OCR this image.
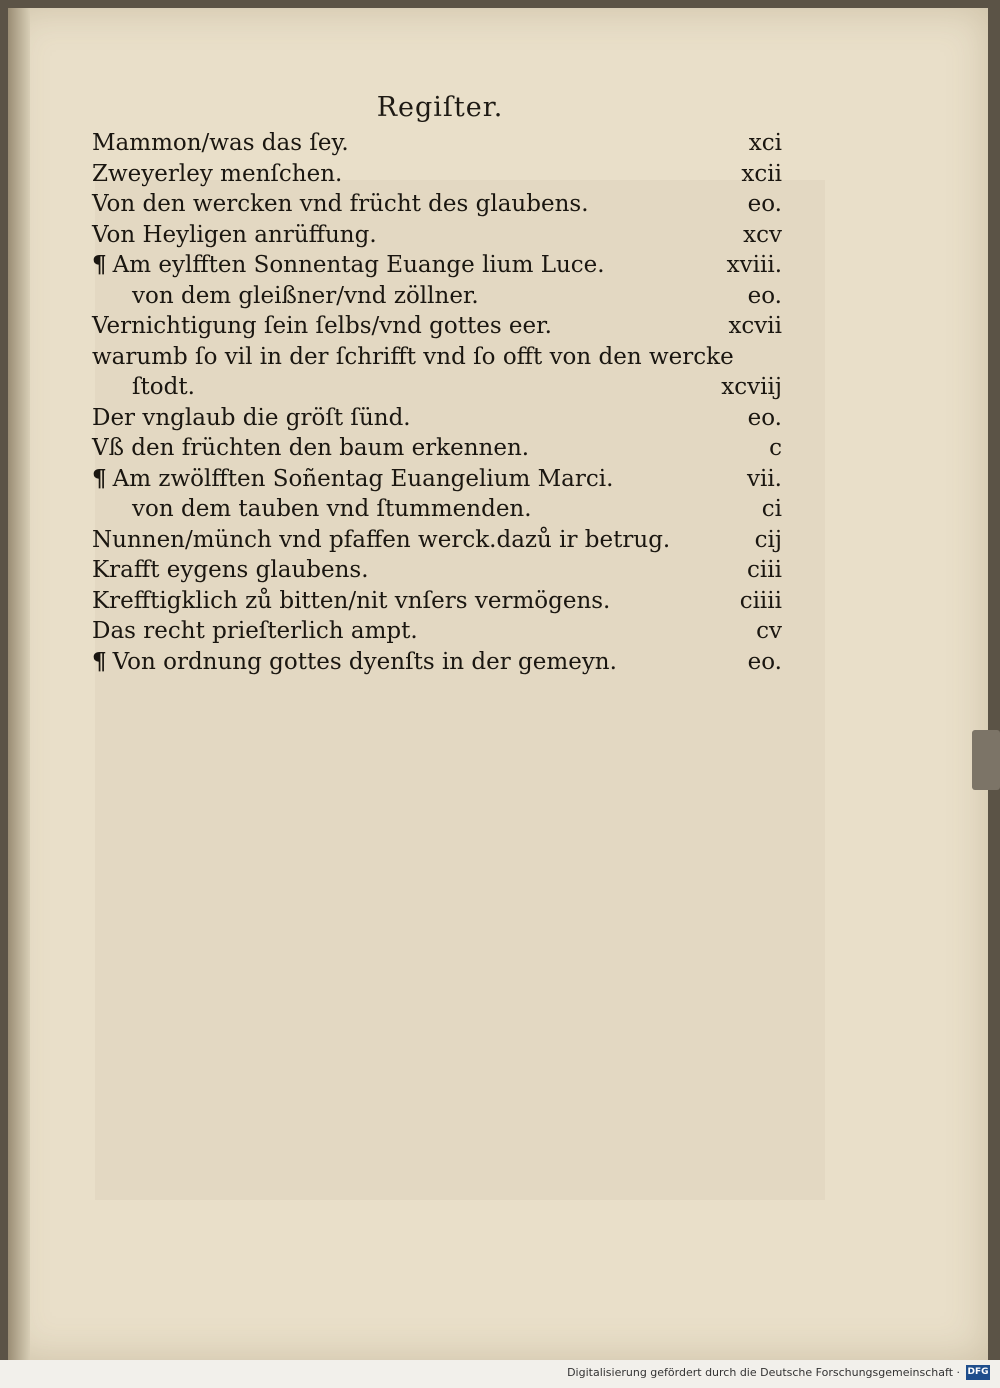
Regiſter.
Mammon/was das ſey.	xci
Zweyerley menſchen.	xcii
Von den wercken vnd frücht des glaubens.	eo.
Von Heyligen anrüffung.	xcv
¶ Am eylfften Sonnentag Euange lium Luce.	xviii.
von dem gleißner/vnd zöllner.	eo.
Vernichtigung ſein ſelbs/vnd gottes eer.	xcvii
warumb ſo vil in der ſchrifft vnd ſo offt von den wercke
ſtodt.	xcviij
Der vnglaub die gröſt ſünd.	eo.
Vß den früchten den baum erkennen.	c
¶ Am zwölfften Soñentag Euangelium Marci.	vii.
von dem tauben vnd ſtummenden.	ci
Nunnen/münch vnd pfaffen werck.dazů ir betrug.	cij
Krafft eygens glaubens.	ciii
Krefftigklich zů bitten/nit vnſers vermögens.	ciiii
Das recht prieſterlich ampt.	cv
¶ Von ordnung gottes dyenſts in der gemeyn.	eo.
Digitalisierung gefördert durch die Deutsche Forschungsgemeinschaft · DFG
